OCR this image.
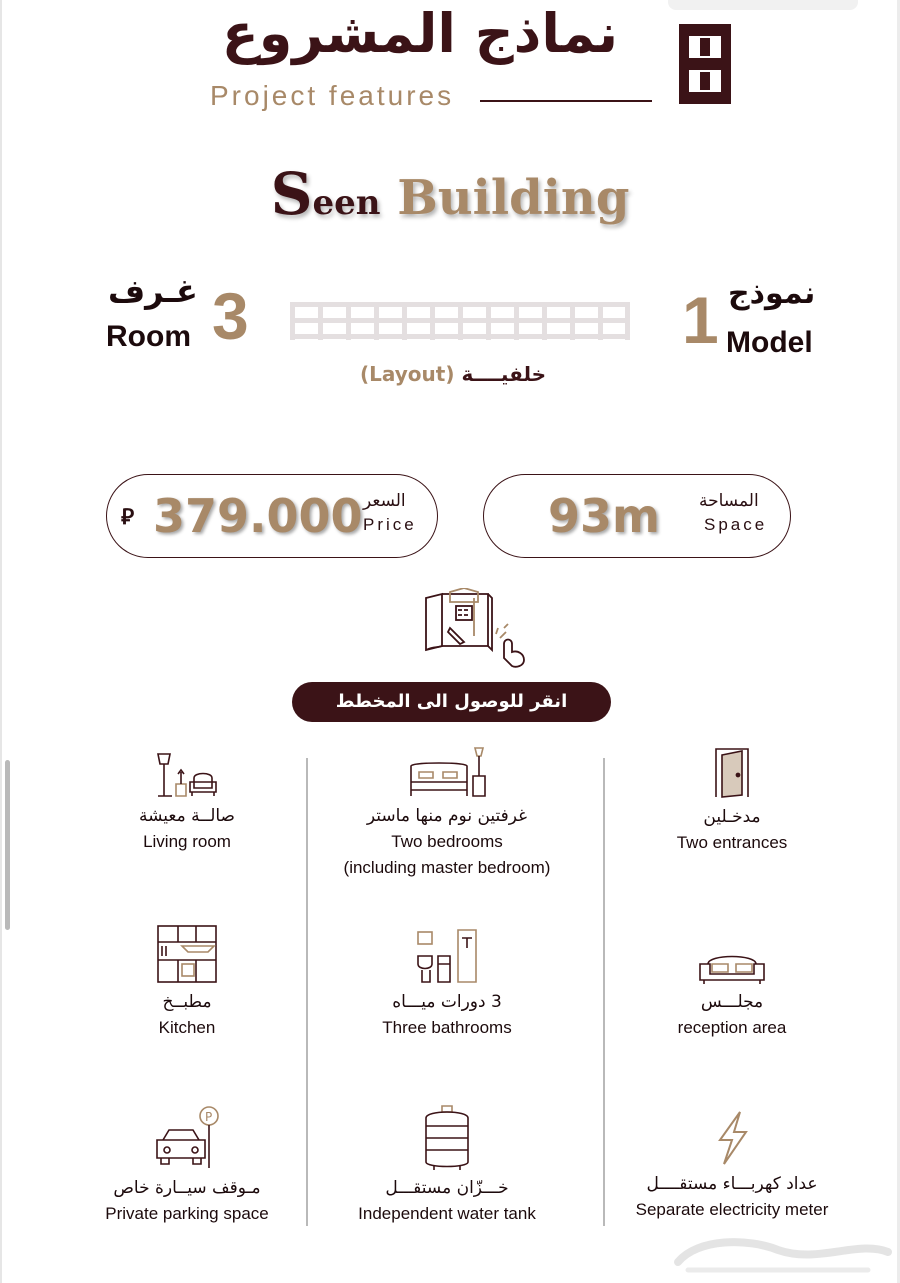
نماذج المشروع
Project features
Seen Building
غـرف
Room 3	1 نموذج
Model
(Layout) خلفيــــة
⃁ 379.000 السعر
Price	93m المساحة
Space
انقر للوصول الى المخطط
صالــة معيشة
Living room
غرفتين نوم منها ماستر
Two bedrooms
(including master bedroom)
مدخـلين
Two entrances
مطبــخ
Kitchen
3 دورات ميـــاه
Three bathrooms
مجلـــس
reception area
P
مـوقف سيــارة خاص
Private parking space
خـــزّان مستقـــل
Independent water tank
عداد كهربـــاء مستقــــل
Separate electricity meter
